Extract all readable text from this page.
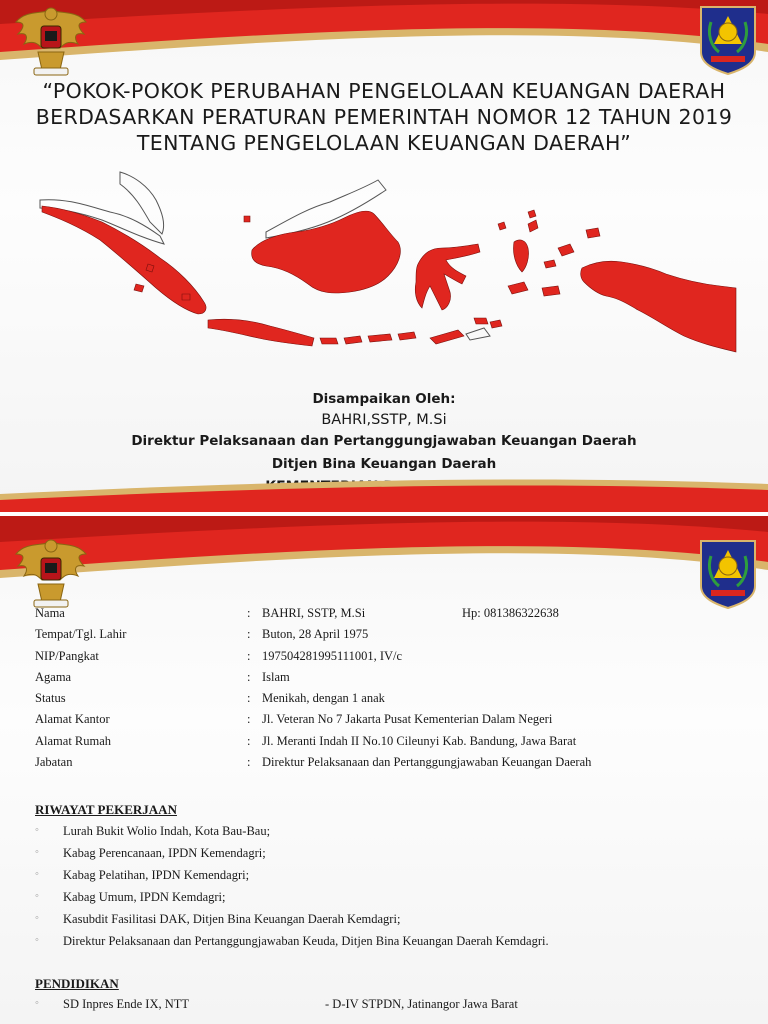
“POKOK-POKOK PERUBAHAN PENGELOLAAN KEUANGAN DAERAH
BERDASARKAN PERATURAN PEMERINTAH NOMOR 12 TAHUN 2019
TENTANG PENGELOLAAN KEUANGAN DAERAH”
Disampaikan Oleh:
BAHRI,SSTP, M.Si
Direktur Pelaksanaan dan Pertanggungjawaban Keuangan Daerah
Ditjen Bina Keuangan Daerah
Nama	: BAHRI, SSTP, M.Si	Hp: 081386322638
Tempat/Tgl. Lahir	: Buton, 28 April 1975
NIP/Pangkat	: 197504281995111001, IV/c
Agama	: Islam
Status	: Menikah, dengan 1 anak
Alamat Kantor	: Jl. Veteran No 7 Jakarta Pusat Kementerian Dalam Negeri
Alamat Rumah	: Jl. Meranti Indah II No.10 Cileunyi Kab. Bandung, Jawa Barat
Jabatan	: Direktur Pelaksanaan dan Pertanggungjawaban Keuangan Daerah
RIWAYAT PEKERJAAN
◦ Lurah Bukit Wolio Indah, Kota Bau-Bau;
◦ Kabag Perencanaan, IPDN Kemendagri;
◦ Kabag Pelatihan, IPDN Kemendagri;
◦ Kabag Umum, IPDN Kemdagri;
◦ Kasubdit Fasilitasi DAK, Ditjen Bina Keuangan Daerah Kemdagri;
◦ Direktur Pelaksanaan dan Pertanggungjawaban Keuda, Ditjen Bina Keuangan Daerah Kemdagri.
PENDIDIKAN
◦ SD Inpres Ende IX, NTT	- D-IV STPDN, Jatinangor Jawa Barat
